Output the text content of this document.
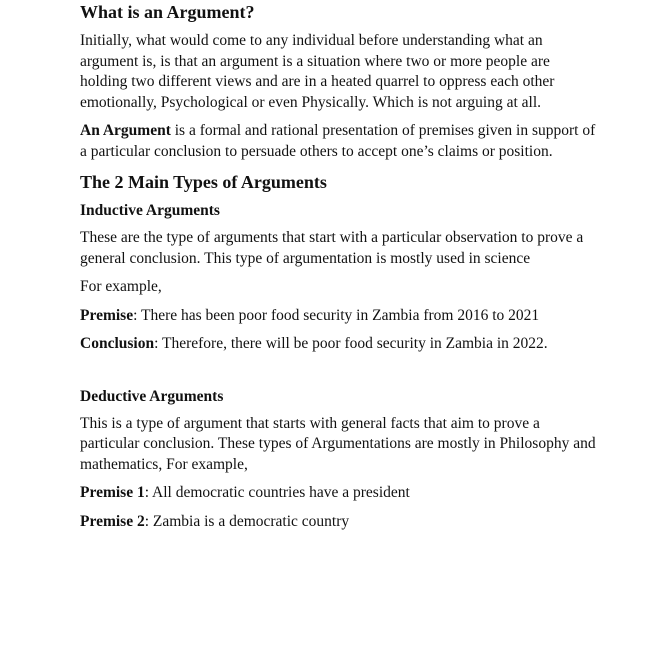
What is an Argument?

Initially, what would come to any individual before understanding what an argument is, is that an argument is a situation where two or more people are holding two different views and are in a heated quarrel to oppress each other emotionally, Psychological or even Physically. Which is not arguing at all.

An Argument is a formal and rational presentation of premises given in support of a particular conclusion to persuade others to accept one’s claims or position.

The 2 Main Types of Arguments
Inductive Arguments

These are the type of arguments that start with a particular observation to prove a general conclusion. This type of argumentation is mostly used in science

For example,

Premise: There has been poor food security in Zambia from 2016 to 2021

Conclusion: Therefore, there will be poor food security in Zambia in 2022.

Deductive Arguments

This is a type of argument that starts with general facts that aim to prove a particular conclusion. These types of Argumentations are mostly in Philosophy and mathematics, For example,

Premise 1: All democratic countries have a president

Premise 2: Zambia is a democratic country
